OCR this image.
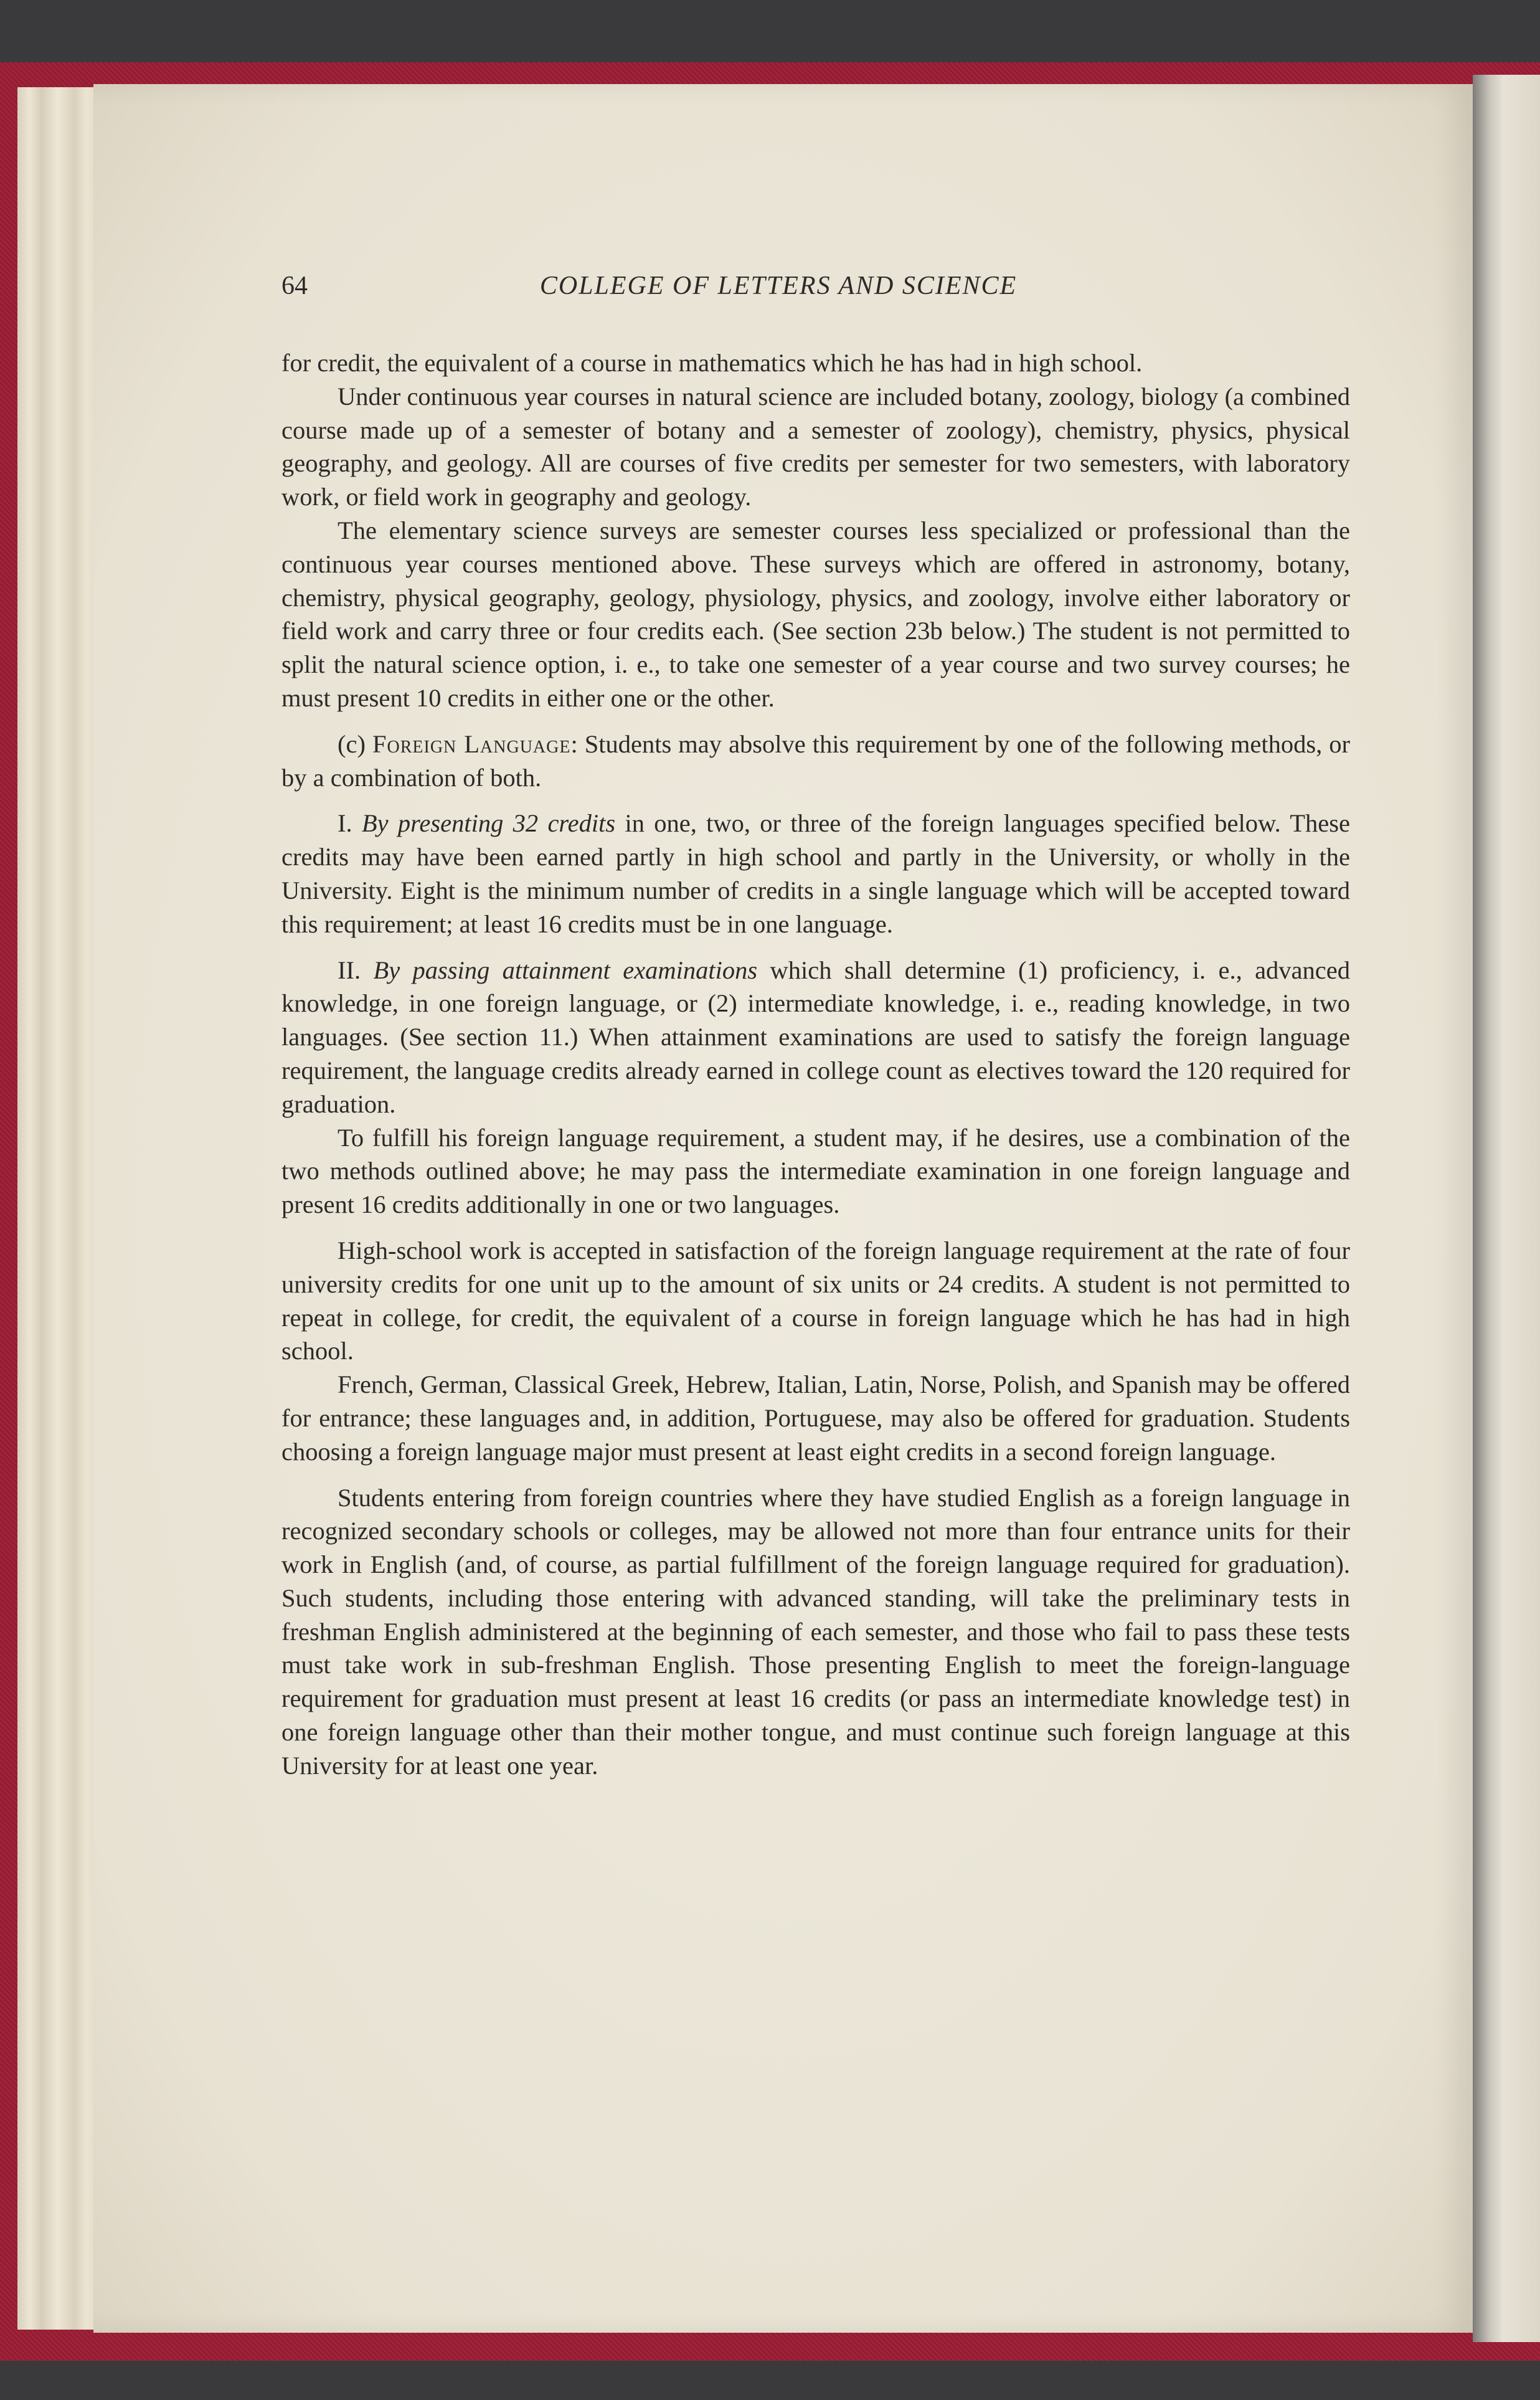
64	COLLEGE OF LETTERS AND SCIENCE

for credit, the equivalent of a course in mathematics which he has had in high school.

Under continuous year courses in natural science are included botany, zoology, biology (a combined course made up of a semester of botany and a semester of zoology), chemistry, physics, physical geography, and geology. All are courses of five credits per semester for two semesters, with laboratory work, or field work in geography and geology.

The elementary science surveys are semester courses less specialized or professional than the continuous year courses mentioned above. These surveys which are offered in astronomy, botany, chemistry, physical geography, geology, physiology, physics, and zoology, involve either laboratory or field work and carry three or four credits each. (See section 23b below.) The student is not permitted to split the natural science option, i. e., to take one semester of a year course and two survey courses; he must present 10 credits in either one or the other.

(c) Foreign Language: Students may absolve this requirement by one of the following methods, or by a combination of both.

I. By presenting 32 credits in one, two, or three of the foreign languages specified below. These credits may have been earned partly in high school and partly in the University, or wholly in the University. Eight is the minimum number of credits in a single language which will be accepted toward this requirement; at least 16 credits must be in one language.

II. By passing attainment examinations which shall determine (1) proficiency, i. e., advanced knowledge, in one foreign language, or (2) intermediate knowledge, i. e., reading knowledge, in two languages. (See section 11.) When attainment examinations are used to satisfy the foreign language requirement, the language credits already earned in college count as electives toward the 120 required for graduation.

To fulfill his foreign language requirement, a student may, if he desires, use a combination of the two methods outlined above; he may pass the intermediate examination in one foreign language and present 16 credits additionally in one or two languages.

High-school work is accepted in satisfaction of the foreign language requirement at the rate of four university credits for one unit up to the amount of six units or 24 credits. A student is not permitted to repeat in college, for credit, the equivalent of a course in foreign language which he has had in high school.

French, German, Classical Greek, Hebrew, Italian, Latin, Norse, Polish, and Spanish may be offered for entrance; these languages and, in addition, Portuguese, may also be offered for graduation. Students choosing a foreign language major must present at least eight credits in a second foreign language.

Students entering from foreign countries where they have studied English as a foreign language in recognized secondary schools or colleges, may be allowed not more than four entrance units for their work in English (and, of course, as partial fulfillment of the foreign language required for graduation). Such students, including those entering with advanced standing, will take the preliminary tests in freshman English administered at the beginning of each semester, and those who fail to pass these tests must take work in sub-freshman English. Those presenting English to meet the foreign-language requirement for graduation must present at least 16 credits (or pass an intermediate knowledge test) in one foreign language other than their mother tongue, and must continue such foreign language at this University for at least one year.
